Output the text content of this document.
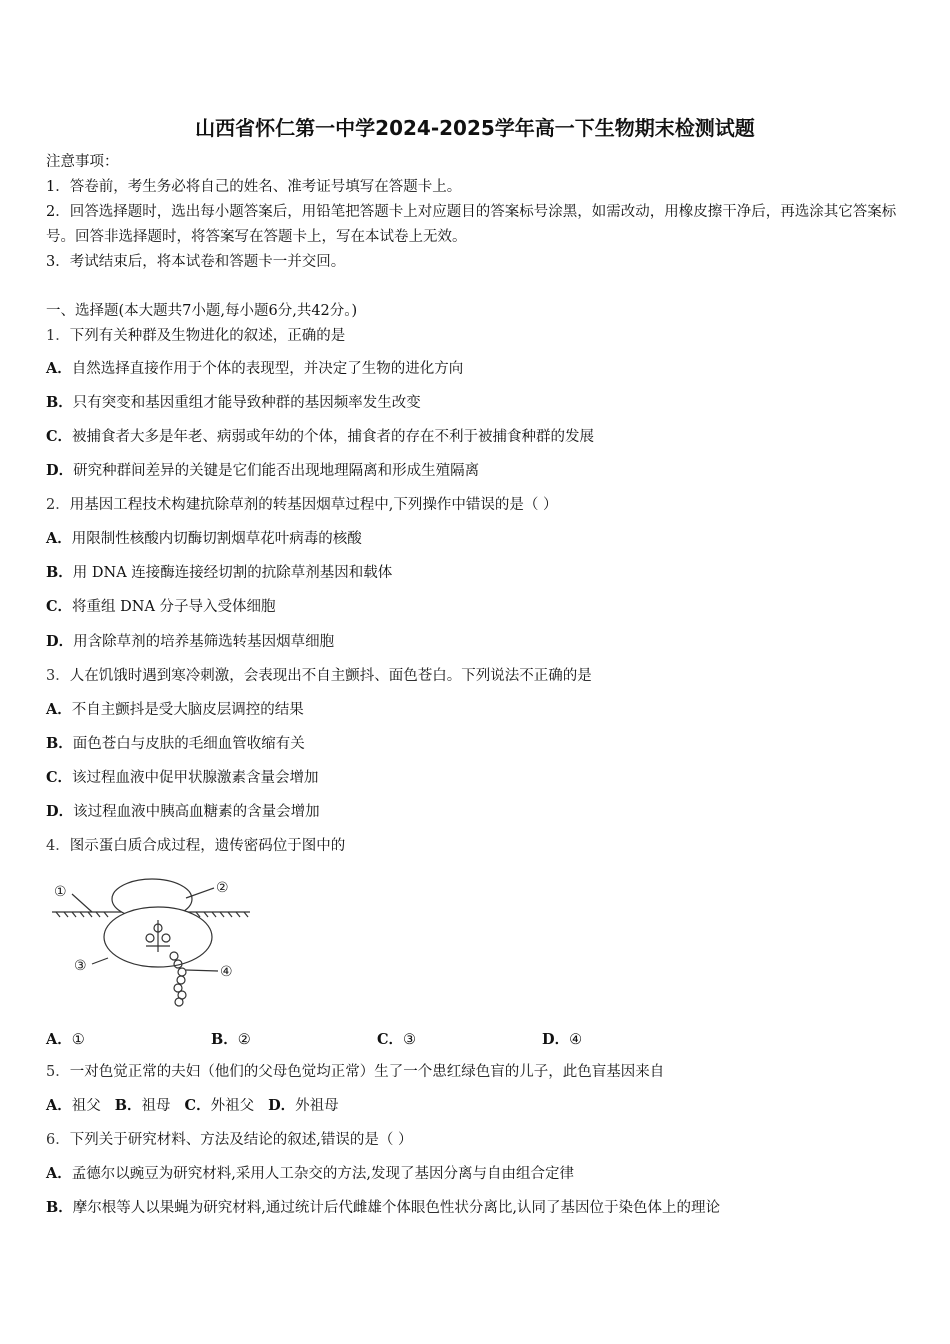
山西省怀仁第一中学2024-2025学年高一下生物期末检测试题
注意事项：
1．答卷前，考生务必将自己的姓名、准考证号填写在答题卡上。
2．回答选择题时，选出每小题答案后，用铅笔把答题卡上对应题目的答案标号涂黑，如需改动，用橡皮擦干净后，再选涂其它答案标号。回答非选择题时，将答案写在答题卡上，写在本试卷上无效。
3．考试结束后，将本试卷和答题卡一并交回。
一、选择题(本大题共7小题,每小题6分,共42分。)
1．下列有关种群及生物进化的叙述，正确的是
A．自然选择直接作用于个体的表现型，并决定了生物的进化方向
B．只有突变和基因重组才能导致种群的基因频率发生改变
C．被捕食者大多是年老、病弱或年幼的个体，捕食者的存在不利于被捕食种群的发展
D．研究种群间差异的关键是它们能否出现地理隔离和形成生殖隔离
2．用基因工程技术构建抗除草剂的转基因烟草过程中,下列操作中错误的是（ ）
A．用限制性核酸内切酶切割烟草花叶病毒的核酸
B．用 DNA 连接酶连接经切割的抗除草剂基因和载体
C．将重组 DNA 分子导入受体细胞
D．用含除草剂的培养基筛选转基因烟草细胞
3．人在饥饿时遇到寒冷刺激，会表现出不自主颤抖、面色苍白。下列说法不正确的是
A．不自主颤抖是受大脑皮层调控的结果
B．面色苍白与皮肤的毛细血管收缩有关
C．该过程血液中促甲状腺激素含量会增加
D．该过程血液中胰高血糖素的含量会增加
4．图示蛋白质合成过程，遗传密码位于图中的
①	②
③	④
A．①	B．②	C．③	D．④
5．一对色觉正常的夫妇（他们的父母色觉均正常）生了一个患红绿色盲的儿子，此色盲基因来自
A．祖父 B．祖母 C．外祖父 D．外祖母
6．下列关于研究材料、方法及结论的叙述,错误的是（ ）
A．孟德尔以豌豆为研究材料,采用人工杂交的方法,发现了基因分离与自由组合定律
B．摩尔根等人以果蝇为研究材料,通过统计后代雌雄个体眼色性状分离比,认同了基因位于染色体上的理论
